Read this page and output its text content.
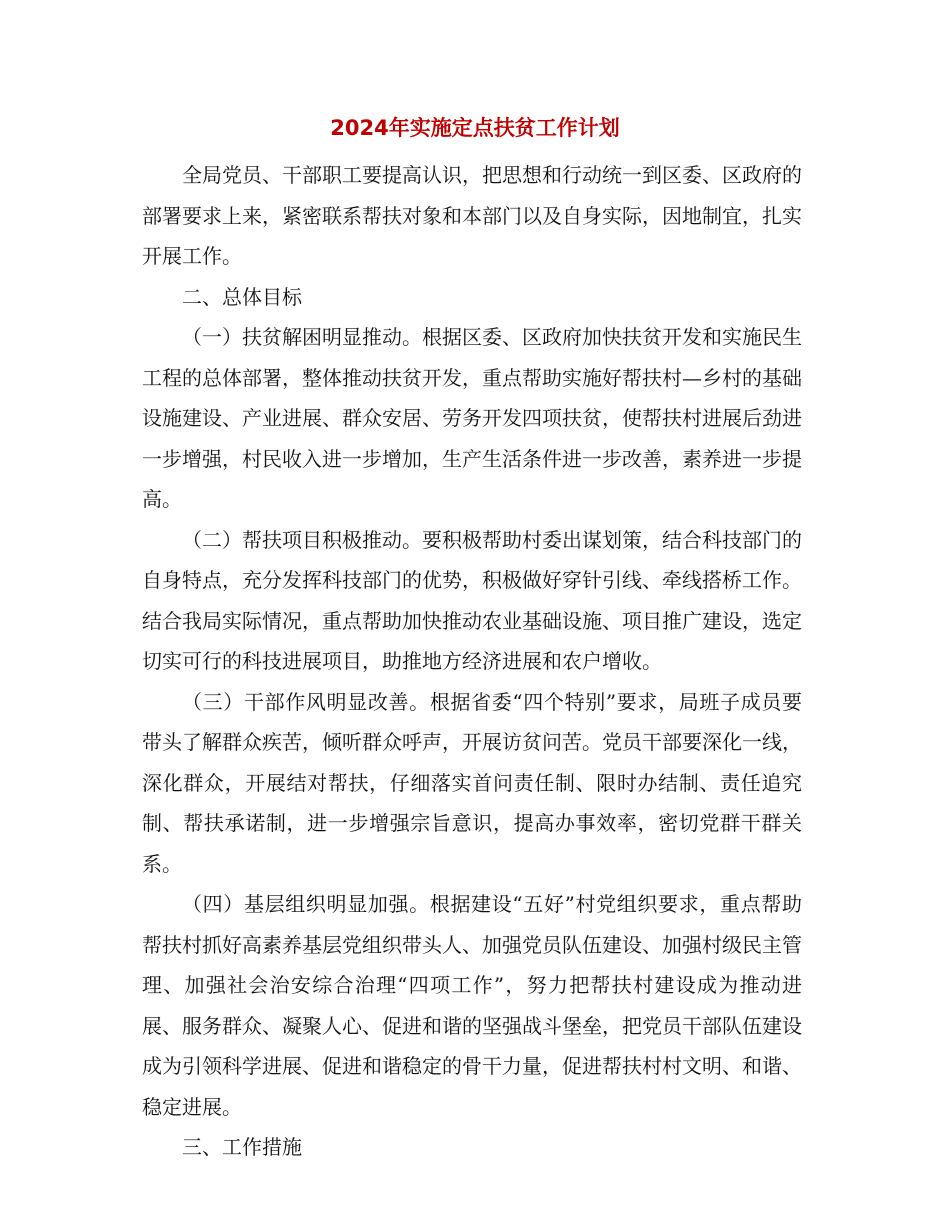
2024年实施定点扶贫工作计划

全局党员、干部职工要提高认识，把思想和行动统一到区委、区政府的部署要求上来，紧密联系帮扶对象和本部门以及自身实际，因地制宜，扎实开展工作。

二、总体目标

（一）扶贫解困明显推动。根据区委、区政府加快扶贫开发和实施民生工程的总体部署，整体推动扶贫开发，重点帮助实施好帮扶村—乡村的基础设施建设、产业进展、群众安居、劳务开发四项扶贫，使帮扶村进展后劲进一步增强，村民收入进一步增加，生产生活条件进一步改善，素养进一步提高。

（二）帮扶项目积极推动。要积极帮助村委出谋划策，结合科技部门的自身特点，充分发挥科技部门的优势，积极做好穿针引线、牵线搭桥工作。结合我局实际情况，重点帮助加快推动农业基础设施、项目推广建设，选定切实可行的科技进展项目，助推地方经济进展和农户增收。

（三）干部作风明显改善。根据省委“四个特别”要求，局班子成员要带头了解群众疾苦，倾听群众呼声，开展访贫问苦。党员干部要深化一线，深化群众，开展结对帮扶，仔细落实首问责任制、限时办结制、责任追究制、帮扶承诺制，进一步增强宗旨意识，提高办事效率，密切党群干群关系。

（四）基层组织明显加强。根据建设“五好”村党组织要求，重点帮助帮扶村抓好高素养基层党组织带头人、加强党员队伍建设、加强村级民主管理、加强社会治安综合治理“四项工作”，努力把帮扶村建设成为推动进展、服务群众、凝聚人心、促进和谐的坚强战斗堡垒，把党员干部队伍建设成为引领科学进展、促进和谐稳定的骨干力量，促进帮扶村村文明、和谐、稳定进展。

三、工作措施
